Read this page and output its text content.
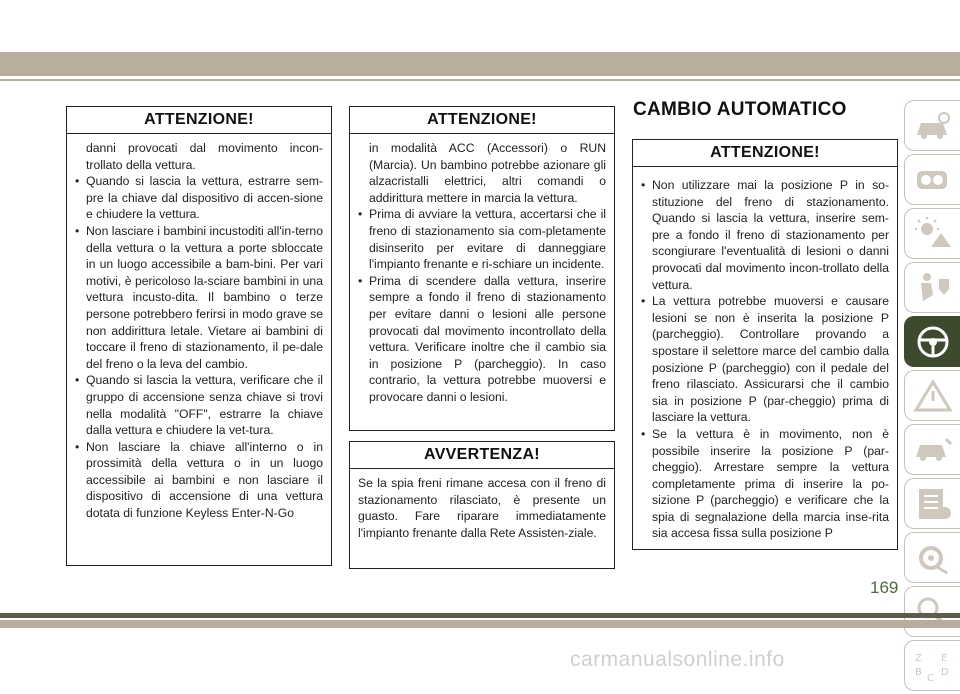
ATTENZIONE!

danni provocati dal movimento incon-trollato della vettura.

• Quando si lascia la vettura, estrarre sem-pre la chiave dal dispositivo di accen-sione e chiudere la vettura.
• Non lasciare i bambini incustoditi all'in-terno della vettura o la vettura a porte sbloccate in un luogo accessibile a bam-bini. Per vari motivi, è pericoloso la-sciare bambini in una vettura incusto-dita. Il bambino o terze persone potrebbero ferirsi in modo grave se non addirittura letale. Vietare ai bambini di toccare il freno di stazionamento, il pe-dale del freno o la leva del cambio.
• Quando si lascia la vettura, verificare che il gruppo di accensione senza chiave si trovi nella modalità "OFF", estrarre la chiave dalla vettura e chiudere la vet-tura.
• Non lasciare la chiave all'interno o in prossimità della vettura o in un luogo accessibile ai bambini e non lasciare il dispositivo di accensione di una vettura dotata di funzione Keyless Enter-N-Go
ATTENZIONE!

in modalità ACC (Accessori) o RUN (Marcia). Un bambino potrebbe azionare gli alzacristalli elettrici, altri comandi o addirittura mettere in marcia la vettura.

• Prima di avviare la vettura, accertarsi che il freno di stazionamento sia com-pletamente disinserito per evitare di danneggiare l'impianto frenante e ri-schiare un incidente.
• Prima di scendere dalla vettura, inserire sempre a fondo il freno di stazionamento per evitare danni o lesioni alle persone provocati dal movimento incontrollato della vettura. Verificare inoltre che il cambio sia in posizione P (parcheggio). In caso contrario, la vettura potrebbe muoversi e provocare danni o lesioni.
AVVERTENZA!

Se la spia freni rimane accesa con il freno di stazionamento rilasciato, è presente un guasto. Fare riparare immediatamente l'impianto frenante dalla Rete Assisten-ziale.

CAMBIO AUTOMATICO
ATTENZIONE!
• Non utilizzare mai la posizione P in so-stituzione del freno di stazionamento. Quando si lascia la vettura, inserire sem-pre a fondo il freno di stazionamento per scongiurare l'eventualità di lesioni o danni provocati dal movimento incon-trollato della vettura.
• La vettura potrebbe muoversi e causare lesioni se non è inserita la posizione P (parcheggio). Controllare provando a spostare il selettore marce del cambio dalla posizione P (parcheggio) con il pedale del freno rilasciato. Assicurarsi che il cambio sia in posizione P (par-cheggio) prima di lasciare la vettura.
• Se la vettura è in movimento, non è possibile inserire la posizione P (par-cheggio). Arrestare sempre la vettura completamente prima di inserire la po-sizione P (parcheggio) e verificare che la spia di segnalazione della marcia inse-rita sia accesa fissa sulla posizione P
Z E
B D
C
169
carmanualsonline.info
